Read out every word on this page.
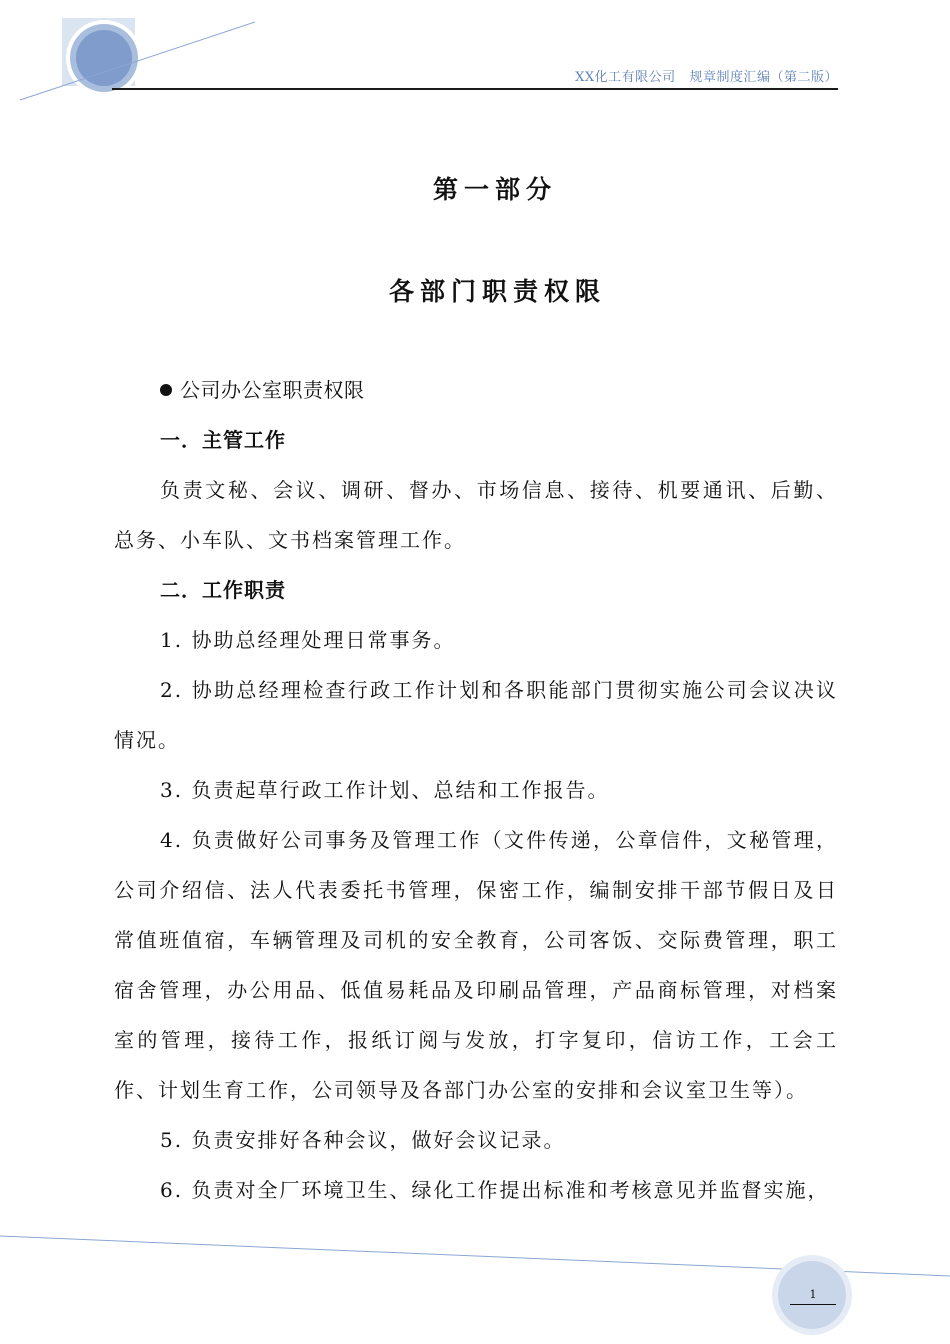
XX化工有限公司 规章制度汇编（第二版）
第一部分
各部门职责权限
公司办公室职责权限
一．主管工作

负责文秘、会议、调研、督办、市场信息、接待、机要通讯、后勤、总务、小车队、文书档案管理工作。

二．工作职责

1. 协助总经理处理日常事务。

2. 协助总经理检查行政工作计划和各职能部门贯彻实施公司会议决议情况。

3. 负责起草行政工作计划、总结和工作报告。

4. 负责做好公司事务及管理工作（文件传递，公章信件，文秘管理，公司介绍信、法人代表委托书管理，保密工作，编制安排干部节假日及日常值班值宿，车辆管理及司机的安全教育，公司客饭、交际费管理，职工宿舍管理，办公用品、低值易耗品及印刷品管理，产品商标管理，对档案室的管理，接待工作，报纸订阅与发放，打字复印，信访工作，工会工作、计划生育工作，公司领导及各部门办公室的安排和会议室卫生等）。

5. 负责安排好各种会议，做好会议记录。

6. 负责对全厂环境卫生、绿化工作提出标准和考核意见并监督实施，

1
